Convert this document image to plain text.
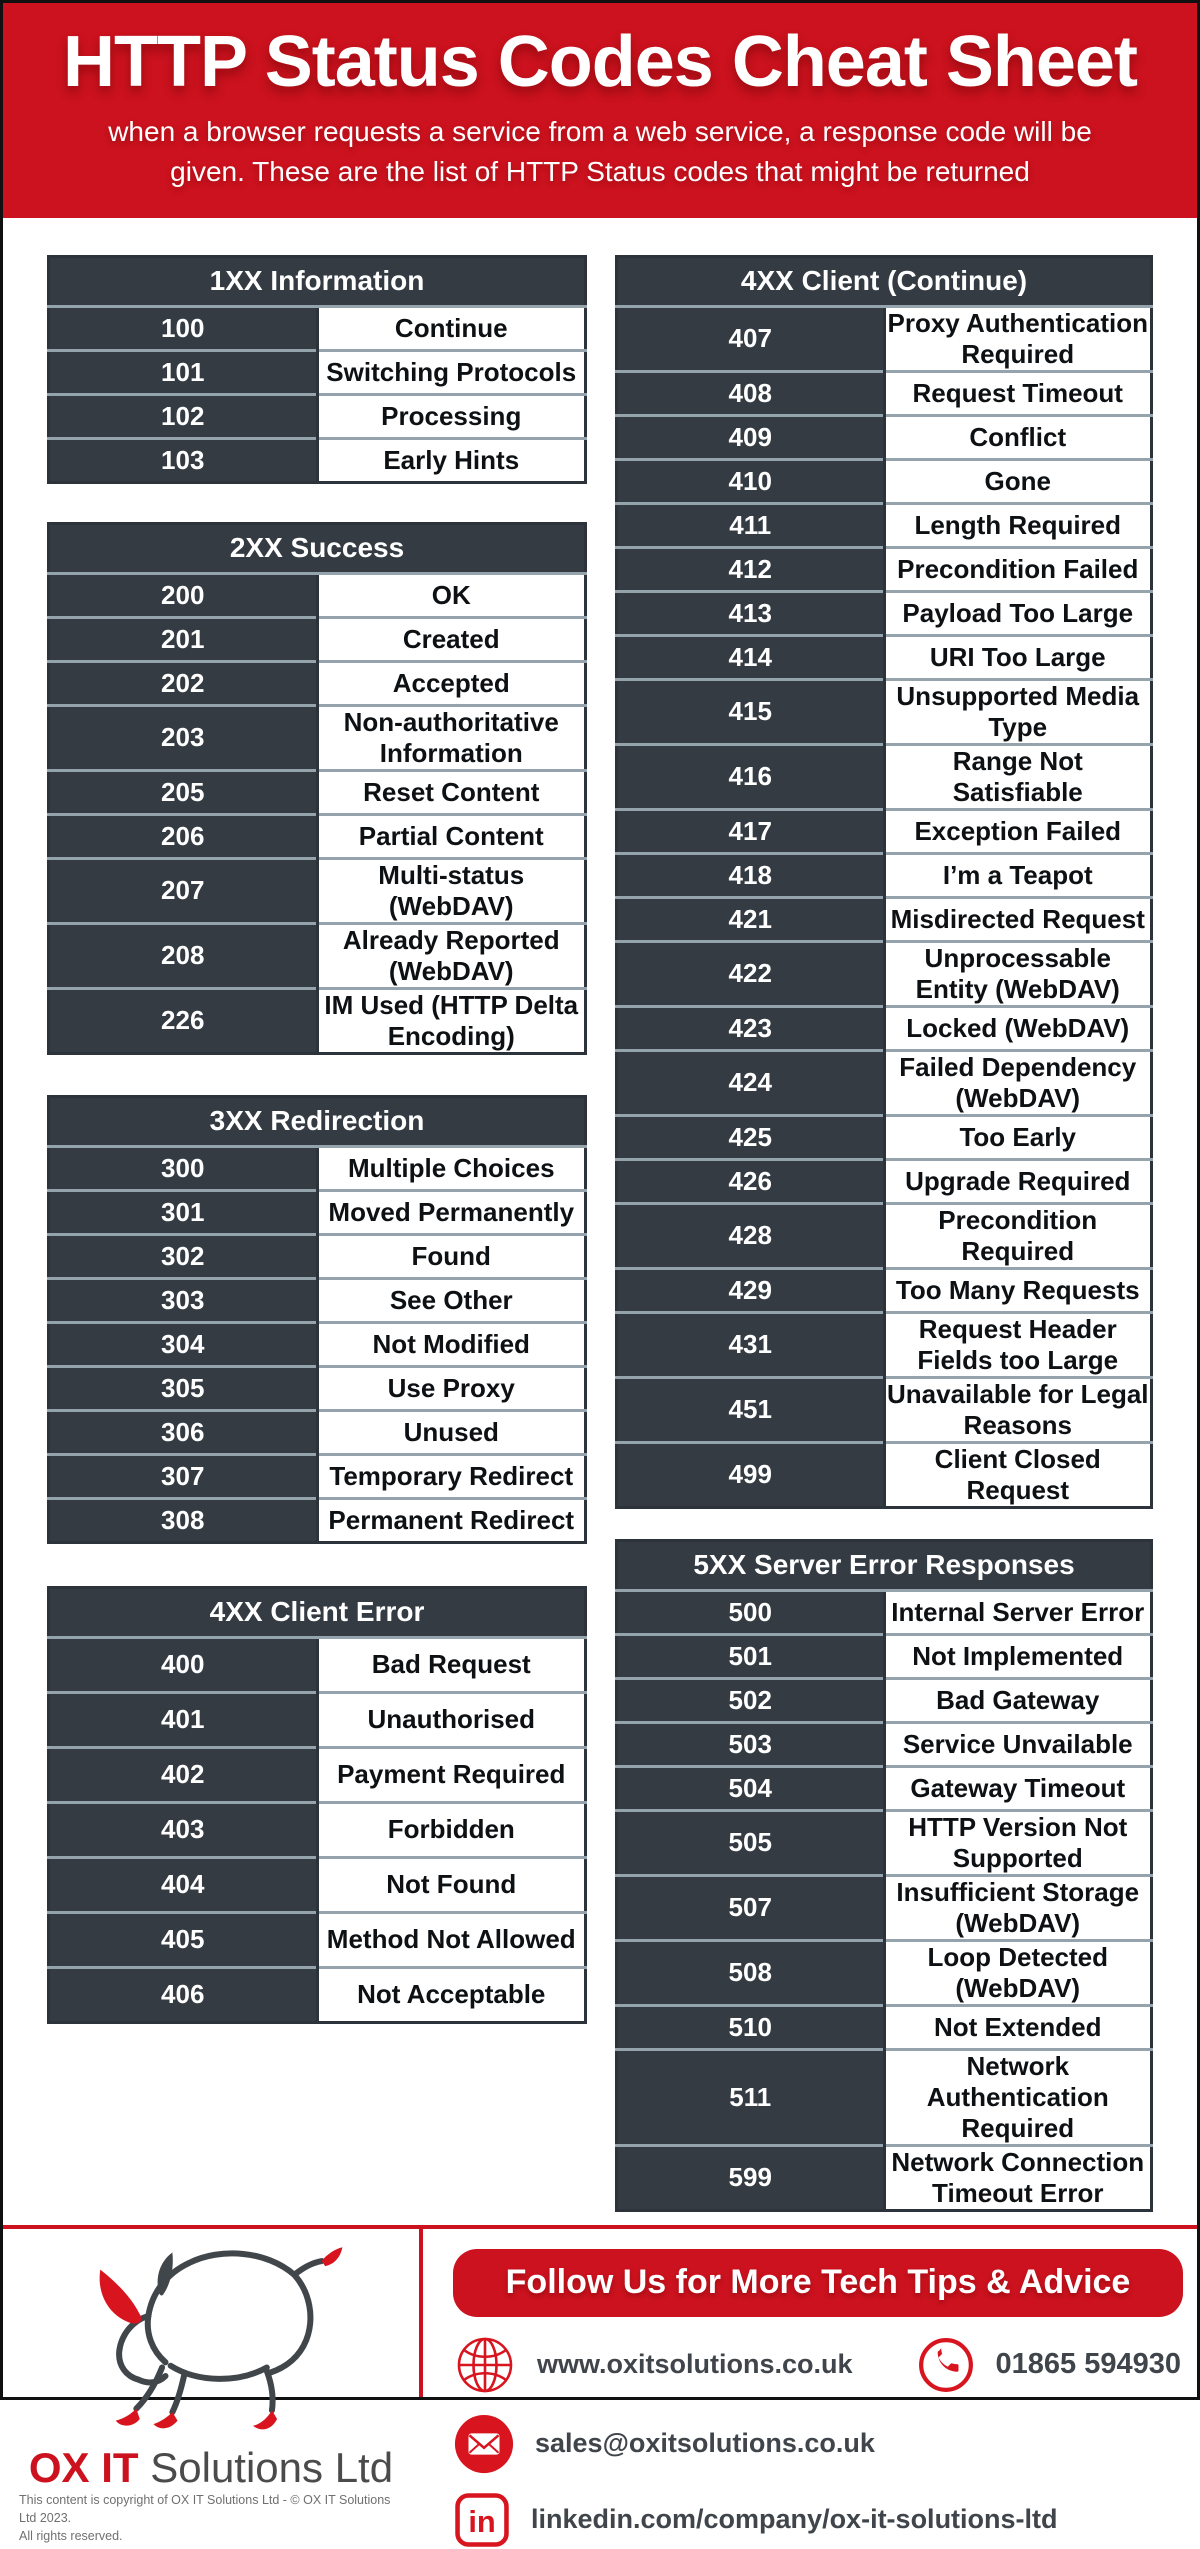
HTTP Status Codes Cheat Sheet
when a browser requests a service from a web service, a response code will be given. These are the list of HTTP Status codes that might be returned
1XX Information	
100	Continue
101	Switching Protocols
102	Processing
103	Early Hints
2XX Success	
200	OK
201	Created
202	Accepted
203	Non-authoritative Information
205	Reset Content
206	Partial Content
207	Multi-status (WebDAV)
208	Already Reported (WebDAV)
226	IM Used (HTTP Delta Encoding)
3XX Redirection	
300	Multiple Choices
301	Moved Permanently
302	Found
303	See Other
304	Not Modified
305	Use Proxy
306	Unused
307	Temporary Redirect
308	Permanent Redirect
4XX Client Error	
400	Bad Request
401	Unauthorised
402	Payment Required
403	Forbidden
404	Not Found
405	Method Not Allowed
406	Not Acceptable
4XX Client (Continue)	
407	Proxy Authentication Required
408	Request Timeout
409	Conflict
410	Gone
411	Length Required
412	Precondition Failed
413	Payload Too Large
414	URI Too Large
415	Unsupported Media Type
416	Range Not Satisfiable
417	Exception Failed
418	I’m a Teapot
421	Misdirected Request
422	Unprocessable Entity (WebDAV)
423	Locked (WebDAV)
424	Failed Dependency (WebDAV)
425	Too Early
426	Upgrade Required
428	Precondition Required
429	Too Many Requests
431	Request Header Fields too Large
451	Unavailable for Legal Reasons
499	Client Closed Request
5XX Server Error Responses	
500	Internal Server Error
501	Not Implemented
502	Bad Gateway
503	Service Unvailable
504	Gateway Timeout
505	HTTP Version Not Supported
507	Insufficient Storage (WebDAV)
508	Loop Detected (WebDAV)
510	Not Extended
511	Network Authentication Required
599	Network Connection Timeout Error
OX IT Solutions Ltd
This content is copyright of OX IT Solutions Ltd - © OX IT Solutions Ltd 2023.
All rights reserved.
Follow Us for More Tech Tips & Advice
www.oxitsolutions.co.uk	01865 594930
sales@oxitsolutions.co.uk
in linkedin.com/company/ox-it-solutions-ltd
